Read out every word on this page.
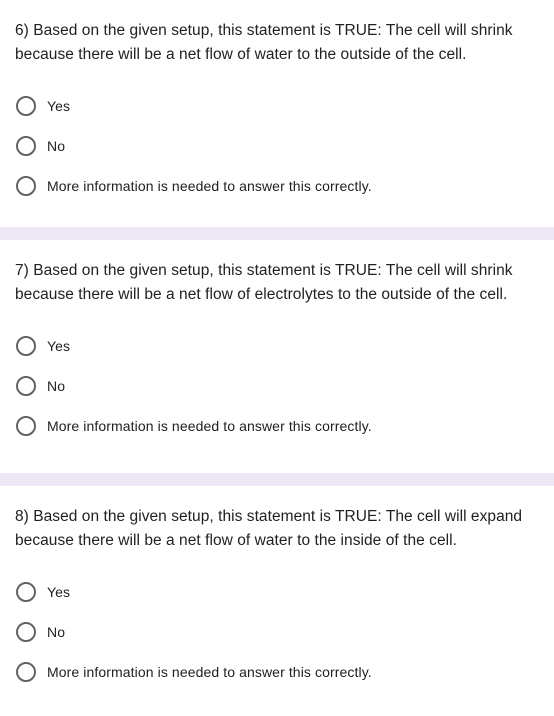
6) Based on the given setup, this statement is TRUE: The cell will shrink because there will be a net flow of water to the outside of the cell.

Yes
No
More information is needed to answer this correctly.

7) Based on the given setup, this statement is TRUE: The cell will shrink because there will be a net flow of electrolytes to the outside of the cell.

Yes
No
More information is needed to answer this correctly.

8) Based on the given setup, this statement is TRUE: The cell will expand because there will be a net flow of water to the inside of the cell.

Yes
No
More information is needed to answer this correctly.
